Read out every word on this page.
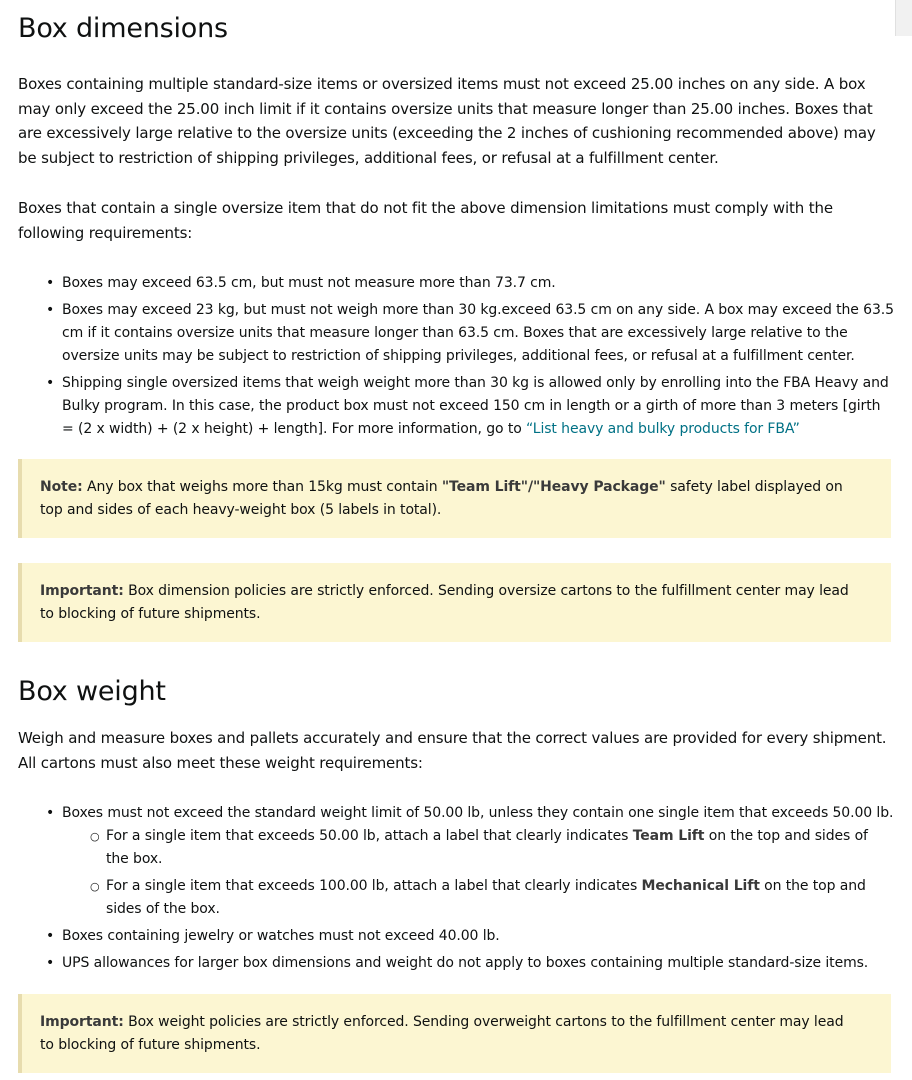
Box dimensions

Boxes containing multiple standard-size items or oversized items must not exceed 25.00 inches on any side. A box may only exceed the 25.00 inch limit if it contains oversize units that measure longer than 25.00 inches. Boxes that are excessively large relative to the oversize units (exceeding the 2 inches of cushioning recommended above) may be subject to restriction of shipping privileges, additional fees, or refusal at a fulfillment center.

Boxes that contain a single oversize item that do not fit the above dimension limitations must comply with the following requirements:

• Boxes may exceed 63.5 cm, but must not measure more than 73.7 cm.
• Boxes may exceed 23 kg, but must not weigh more than 30 kg.exceed 63.5 cm on any side. A box may exceed the 63.5 cm if it contains oversize units that measure longer than 63.5 cm. Boxes that are excessively large relative to the oversize units may be subject to restriction of shipping privileges, additional fees, or refusal at a fulfillment center.
• Shipping single oversized items that weigh weight more than 30 kg is allowed only by enrolling into the FBA Heavy and Bulky program. In this case, the product box must not exceed 150 cm in length or a girth of more than 3 meters [girth = (2 x width) + (2 x height) + length]. For more information, go to “List heavy and bulky products for FBA”
Note: Any box that weighs more than 15kg must contain "Team Lift"/"Heavy Package" safety label displayed on top and sides of each heavy-weight box (5 labels in total).
Important: Box dimension policies are strictly enforced. Sending oversize cartons to the fulfillment center may lead to blocking of future shipments.
Box weight

Weigh and measure boxes and pallets accurately and ensure that the correct values are provided for every shipment. All cartons must also meet these weight requirements:

• Boxes must not exceed the standard weight limit of 50.00 lb, unless they contain one single item that exceeds 50.00 lb.
○ For a single item that exceeds 50.00 lb, attach a label that clearly indicates Team Lift on the top and sides of the box.
○ For a single item that exceeds 100.00 lb, attach a label that clearly indicates Mechanical Lift on the top and sides of the box.
• Boxes containing jewelry or watches must not exceed 40.00 lb.
• UPS allowances for larger box dimensions and weight do not apply to boxes containing multiple standard-size items.
Important: Box weight policies are strictly enforced. Sending overweight cartons to the fulfillment center may lead to blocking of future shipments.
